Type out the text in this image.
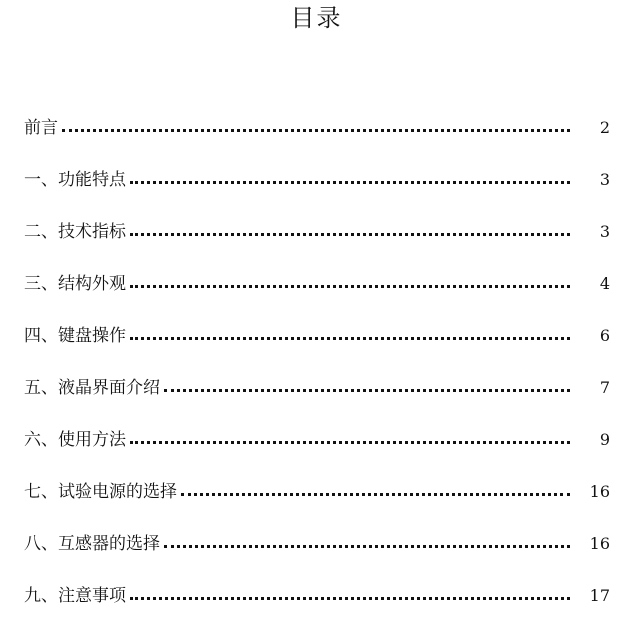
目录
前言	2
一、功能特点	3
二、技术指标	3
三、结构外观	4
四、键盘操作	6
五、液晶界面介绍	7
六、使用方法	9
七、试验电源的选择	16
八、互感器的选择	16
九、注意事项	17
